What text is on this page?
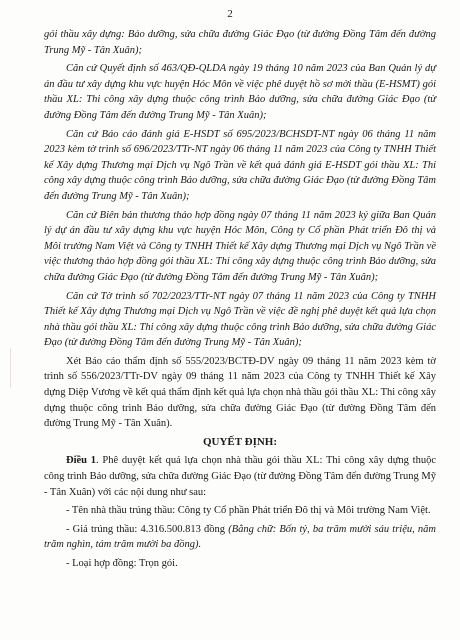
2

gói thầu xây dựng: Bảo dưỡng, sửa chữa đường Giác Đạo (từ đường Đồng Tâm đến đường Trung Mỹ - Tân Xuân);

Căn cứ Quyết định số 463/QĐ-QLDA ngày 19 tháng 10 năm 2023 của Ban Quản lý dự án đầu tư xây dựng khu vực huyện Hóc Môn về việc phê duyệt hồ sơ mời thầu (E-HSMT) gói thầu XL: Thi công xây dựng thuộc công trình Bảo dưỡng, sửa chữa đường Giác Đạo (từ đường Đồng Tâm đến đường Trung Mỹ - Tân Xuân);

Căn cứ Báo cáo đánh giá E-HSDT số 695/2023/BCHSDT-NT ngày 06 tháng 11 năm 2023 kèm tờ trình số 696/2023/TTr-NT ngày 06 tháng 11 năm 2023 của Công ty TNHH Thiết kế Xây dựng Thương mại Dịch vụ Ngô Trần về kết quả đánh giá E-HSDT gói thầu XL: Thi công xây dựng thuộc công trình Bảo dưỡng, sửa chữa đường Giác Đạo (từ đường Đồng Tâm đến đường Trung Mỹ - Tân Xuân);

Căn cứ Biên bản thương thảo hợp đồng ngày 07 tháng 11 năm 2023 ký giữa Ban Quản lý dự án đầu tư xây dựng khu vực huyện Hóc Môn, Công ty Cổ phần Phát triển Đô thị và Môi trường Nam Việt và Công ty TNHH Thiết kế Xây dựng Thương mại Dịch vụ Ngô Trần về việc thương thảo hợp đồng gói thầu XL: Thi công xây dựng thuộc công trình Bảo dưỡng, sửa chữa đường Giác Đạo (từ đường Đồng Tâm đến đường Trung Mỹ - Tân Xuân);

Căn cứ Tờ trình số 702/2023/TTr-NT ngày 07 tháng 11 năm 2023 của Công ty TNHH Thiết kế Xây dựng Thương mại Dịch vụ Ngô Trần về việc đề nghị phê duyệt kết quả lựa chọn nhà thầu gói thầu XL: Thi công xây dựng thuộc công trình Bảo dưỡng, sửa chữa đường Giác Đạo (từ đường Đồng Tâm đến đường Trung Mỹ - Tân Xuân);

Xét Báo cáo thẩm định số 555/2023/BCTĐ-DV ngày 09 tháng 11 năm 2023 kèm tờ trình số 556/2023/TTr-DV ngày 09 tháng 11 năm 2023 của Công ty TNHH Thiết kế Xây dựng Diệp Vương về kết quả thẩm định kết quả lựa chọn nhà thầu gói thầu XL: Thi công xây dựng thuộc công trình Bảo dưỡng, sửa chữa đường Giác Đạo (từ đường Đồng Tâm đến đường Trung Mỹ - Tân Xuân).

QUYẾT ĐỊNH:

Điều 1. Phê duyệt kết quả lựa chọn nhà thầu gói thầu XL: Thi công xây dựng thuộc công trình Bảo dưỡng, sửa chữa đường Giác Đạo (từ đường Đồng Tâm đến đường Trung Mỹ - Tân Xuân) với các nội dung như sau:

- Tên nhà thầu trúng thầu: Công ty Cổ phần Phát triển Đô thị và Môi trường Nam Việt.

- Giá trúng thầu: 4.316.500.813 đồng (Bằng chữ: Bốn tỷ, ba trăm mười sáu triệu, năm trăm nghìn, tám trăm mười ba đồng).

- Loại hợp đồng: Trọn gói.
